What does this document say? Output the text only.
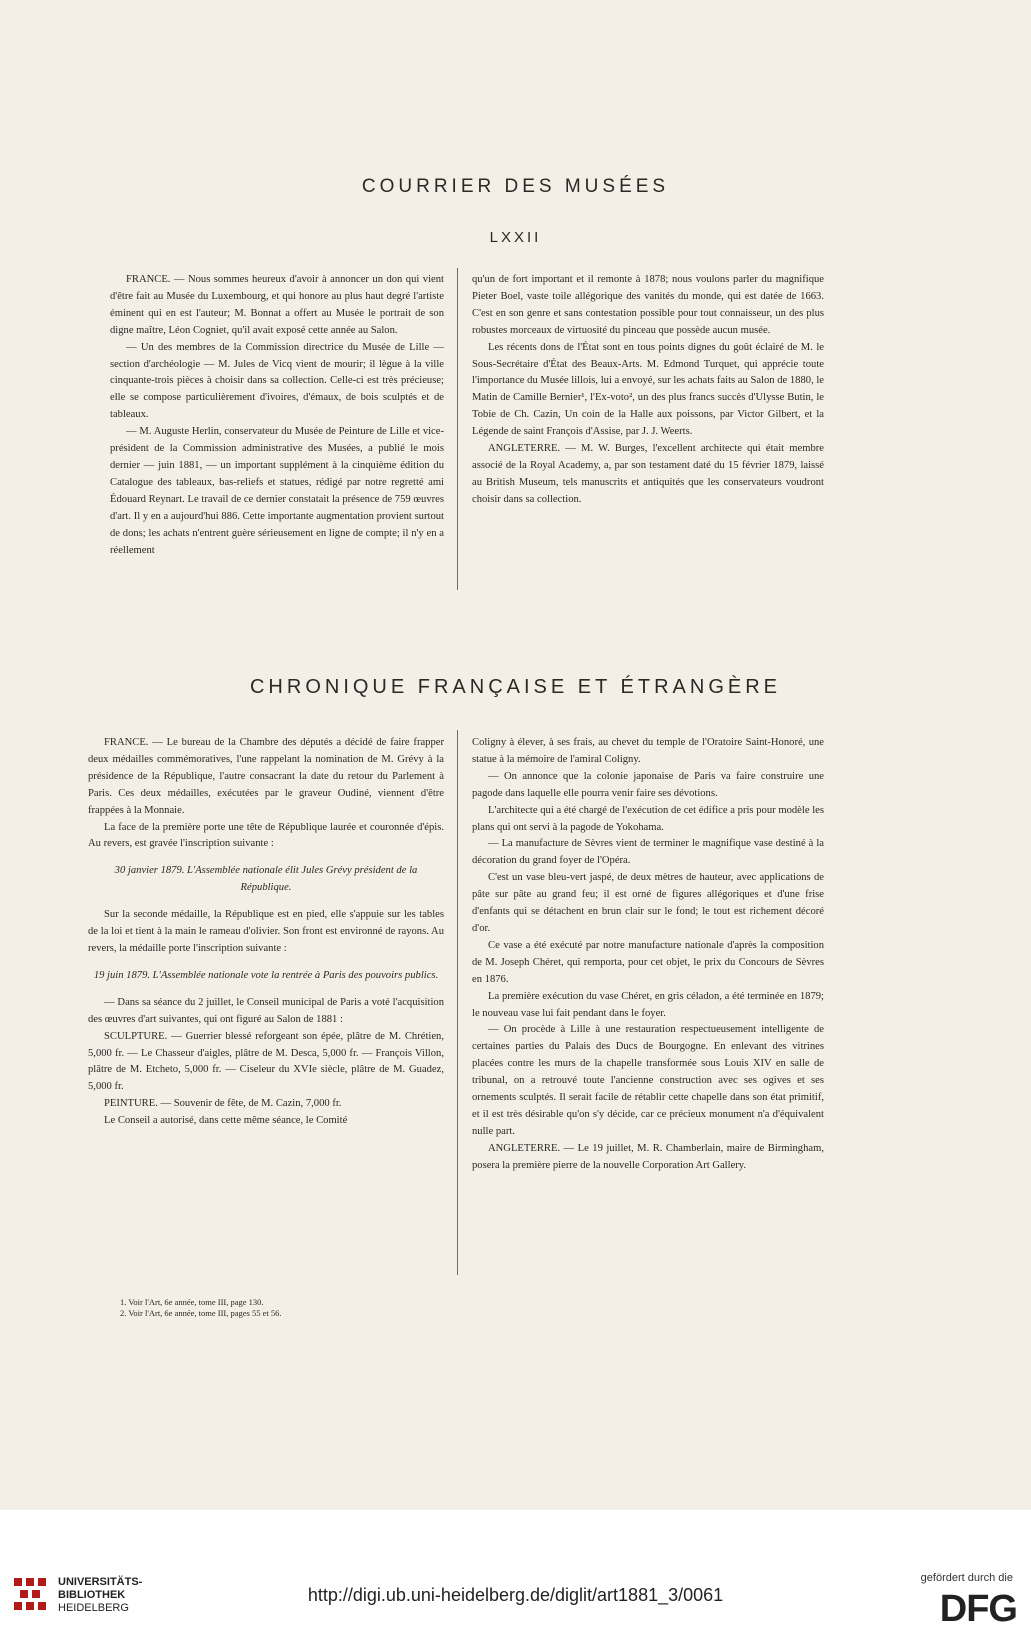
COURRIER DES MUSÉES
LXXII

FRANCE. — Nous sommes heureux d'avoir à annoncer un don qui vient d'être fait au Musée du Luxembourg, et qui honore au plus haut degré l'artiste éminent qui en est l'auteur; M. Bonnat a offert au Musée le portrait de son digne maître, Léon Cogniet, qu'il avait exposé cette année au Salon.

— Un des membres de la Commission directrice du Musée de Lille — section d'archéologie — M. Jules de Vicq vient de mourir; il lègue à la ville cinquante-trois pièces à choisir dans sa collection. Celle-ci est très précieuse; elle se compose particulièrement d'ivoires, d'émaux, de bois sculptés et de tableaux.

— M. Auguste Herlin, conservateur du Musée de Peinture de Lille et vice-président de la Commission administrative des Musées, a publié le mois dernier — juin 1881, — un important supplément à la cinquième édition du Catalogue des tableaux, bas-reliefs et statues, rédigé par notre regretté ami Édouard Reynart. Le travail de ce dernier constatait la présence de 759 œuvres d'art. Il y en a aujourd'hui 886. Cette importante augmentation provient surtout de dons; les achats n'entrent guère sérieusement en ligne de compte; il n'y en a réellement

qu'un de fort important et il remonte à 1878; nous voulons parler du magnifique Pieter Boel, vaste toile allégorique des vanités du monde, qui est datée de 1663. C'est en son genre et sans contestation possible pour tout connaisseur, un des plus robustes morceaux de virtuosité du pinceau que possède aucun musée.

Les récents dons de l'État sont en tous points dignes du goût éclairé de M. le Sous-Secrétaire d'État des Beaux-Arts. M. Edmond Turquet, qui apprécie toute l'importance du Musée lillois, lui a envoyé, sur les achats faits au Salon de 1880, le Matin de Camille Bernier¹, l'Ex-voto², un des plus francs succès d'Ulysse Butin, le Tobie de Ch. Cazin, Un coin de la Halle aux poissons, par Victor Gilbert, et la Légende de saint François d'Assise, par J. J. Weerts.

ANGLETERRE. — M. W. Burges, l'excellent architecte qui était membre associé de la Royal Academy, a, par son testament daté du 15 février 1879, laissé au British Museum, tels manuscrits et antiquités que les conservateurs voudront choisir dans sa collection.

CHRONIQUE FRANÇAISE ET ÉTRANGÈRE

FRANCE. — Le bureau de la Chambre des députés a décidé de faire frapper deux médailles commémoratives, l'une rappelant la nomination de M. Grévy à la présidence de la République, l'autre consacrant la date du retour du Parlement à Paris. Ces deux médailles, exécutées par le graveur Oudiné, viennent d'être frappées à la Monnaie.

La face de la première porte une tête de République laurée et couronnée d'épis. Au revers, est gravée l'inscription suivante :

30 janvier 1879. L'Assemblée nationale élit Jules Grévy président de la République.

Sur la seconde médaille, la République est en pied, elle s'appuie sur les tables de la loi et tient à la main le rameau d'olivier. Son front est environné de rayons. Au revers, la médaille porte l'inscription suivante :

19 juin 1879. L'Assemblée nationale vote la rentrée à Paris des pouvoirs publics.

— Dans sa séance du 2 juillet, le Conseil municipal de Paris a voté l'acquisition des œuvres d'art suivantes, qui ont figuré au Salon de 1881 :

SCULPTURE. — Guerrier blessé reforgeant son épée, plâtre de M. Chrétien, 5,000 fr. — Le Chasseur d'aigles, plâtre de M. Desca, 5,000 fr. — François Villon, plâtre de M. Etcheto, 5,000 fr. — Ciseleur du XVIe siècle, plâtre de M. Guadez, 5,000 fr.

PEINTURE. — Souvenir de fête, de M. Cazin, 7,000 fr.

Le Conseil a autorisé, dans cette même séance, le Comité

Coligny à élever, à ses frais, au chevet du temple de l'Oratoire Saint-Honoré, une statue à la mémoire de l'amiral Coligny.

— On annonce que la colonie japonaise de Paris va faire construire une pagode dans laquelle elle pourra venir faire ses dévotions.

L'architecte qui a été chargé de l'exécution de cet édifice a pris pour modèle les plans qui ont servi à la pagode de Yokohama.

— La manufacture de Sèvres vient de terminer le magnifique vase destiné à la décoration du grand foyer de l'Opéra.

C'est un vase bleu-vert jaspé, de deux mètres de hauteur, avec applications de pâte sur pâte au grand feu; il est orné de figures allégoriques et d'une frise d'enfants qui se détachent en brun clair sur le fond; le tout est richement décoré d'or.

Ce vase a été exécuté par notre manufacture nationale d'après la composition de M. Joseph Chéret, qui remporta, pour cet objet, le prix du Concours de Sèvres en 1876.

La première exécution du vase Chéret, en gris céladon, a été terminée en 1879; le nouveau vase lui fait pendant dans le foyer.

— On procède à Lille à une restauration respectueusement intelligente de certaines parties du Palais des Ducs de Bourgogne. En enlevant des vitrines placées contre les murs de la chapelle transformée sous Louis XIV en salle de tribunal, on a retrouvé toute l'ancienne construction avec ses ogives et ses ornements sculptés. Il serait facile de rétablir cette chapelle dans son état primitif, et il est très désirable qu'on s'y décide, car ce précieux monument n'a d'équivalent nulle part.

ANGLETERRE. — Le 19 juillet, M. R. Chamberlain, maire de Birmingham, posera la première pierre de la nouvelle Corporation Art Gallery.

1. Voir l'Art, 6e année, tome III, page 130.
2. Voir l'Art, 6e année, tome III, pages 55 et 56.
UNIVERSITÄTS-
BIBLIOTHEK
HEIDELBERG
http://digi.ub.uni-heidelberg.de/diglit/art1881_3/0061
gefördert durch die
DFG
